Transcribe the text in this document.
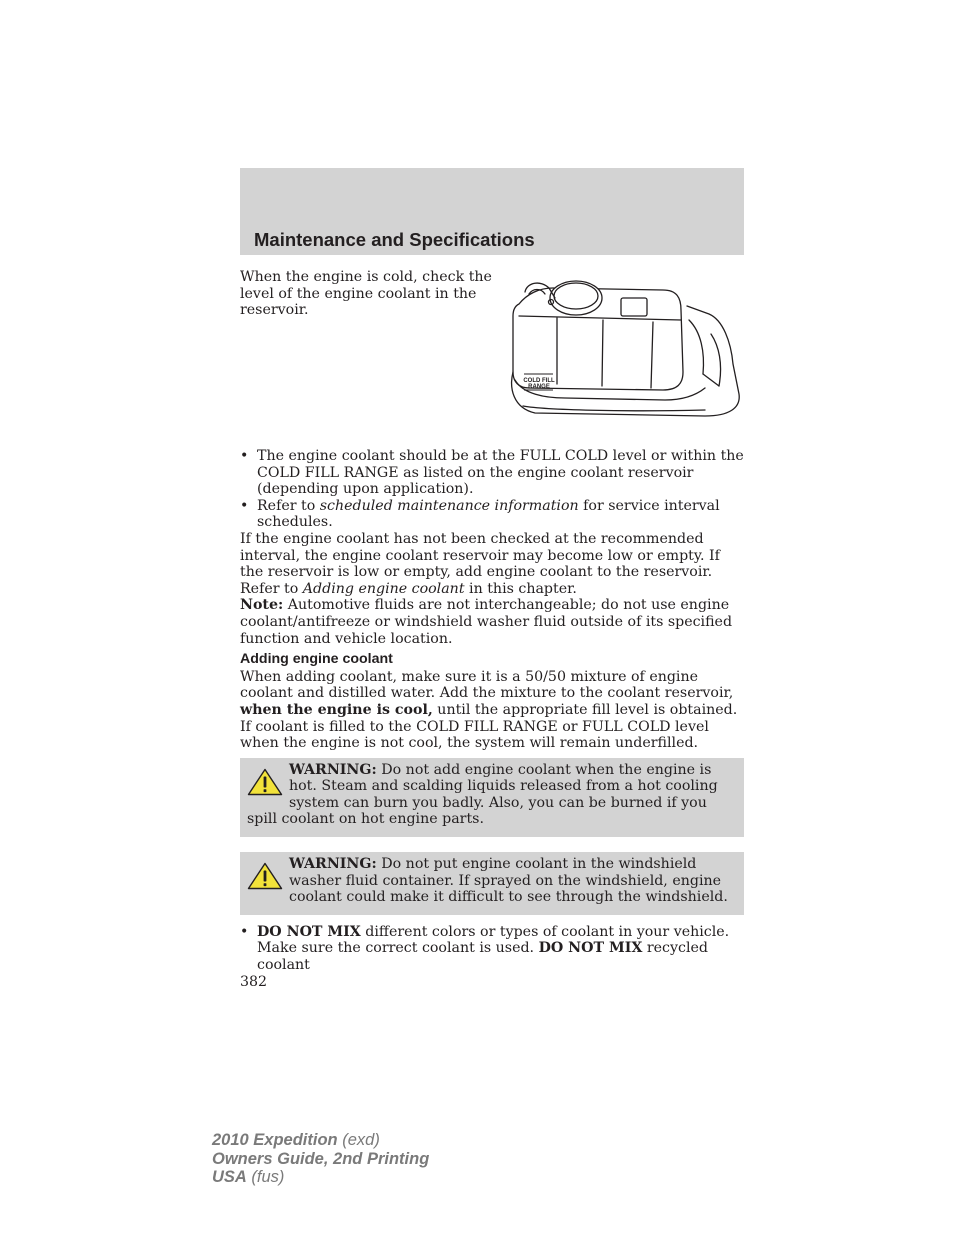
Maintenance and Specifications
When the engine is cold, check the level of the engine coolant in the reservoir.
COLD FILL
RANGE
• The engine coolant should be at the FULL COLD level or within the COLD FILL RANGE as listed on the engine coolant reservoir (depending upon application).
• Refer to scheduled maintenance information for service interval schedules.

If the engine coolant has not been checked at the recommended interval, the engine coolant reservoir may become low or empty. If the reservoir is low or empty, add engine coolant to the reservoir. Refer to Adding engine coolant in this chapter.

Note: Automotive fluids are not interchangeable; do not use engine coolant/antifreeze or windshield washer fluid outside of its specified function and vehicle location.

Adding engine coolant

When adding coolant, make sure it is a 50/50 mixture of engine coolant and distilled water. Add the mixture to the coolant reservoir, when the engine is cool, until the appropriate fill level is obtained. If coolant is filled to the COLD FILL RANGE or FULL COLD level when the engine is not cool, the system will remain underfilled.

WARNING: Do not add engine coolant when the engine is hot. Steam and scalding liquids released from a hot cooling system can burn you badly. Also, you can be burned if you spill coolant on hot engine parts.
WARNING: Do not put engine coolant in the windshield washer fluid container. If sprayed on the windshield, engine coolant could make it difficult to see through the windshield.
• DO NOT MIX different colors or types of coolant in your vehicle. Make sure the correct coolant is used. DO NOT MIX recycled coolant
382
2010 Expedition (exd)
Owners Guide, 2nd Printing
USA (fus)
